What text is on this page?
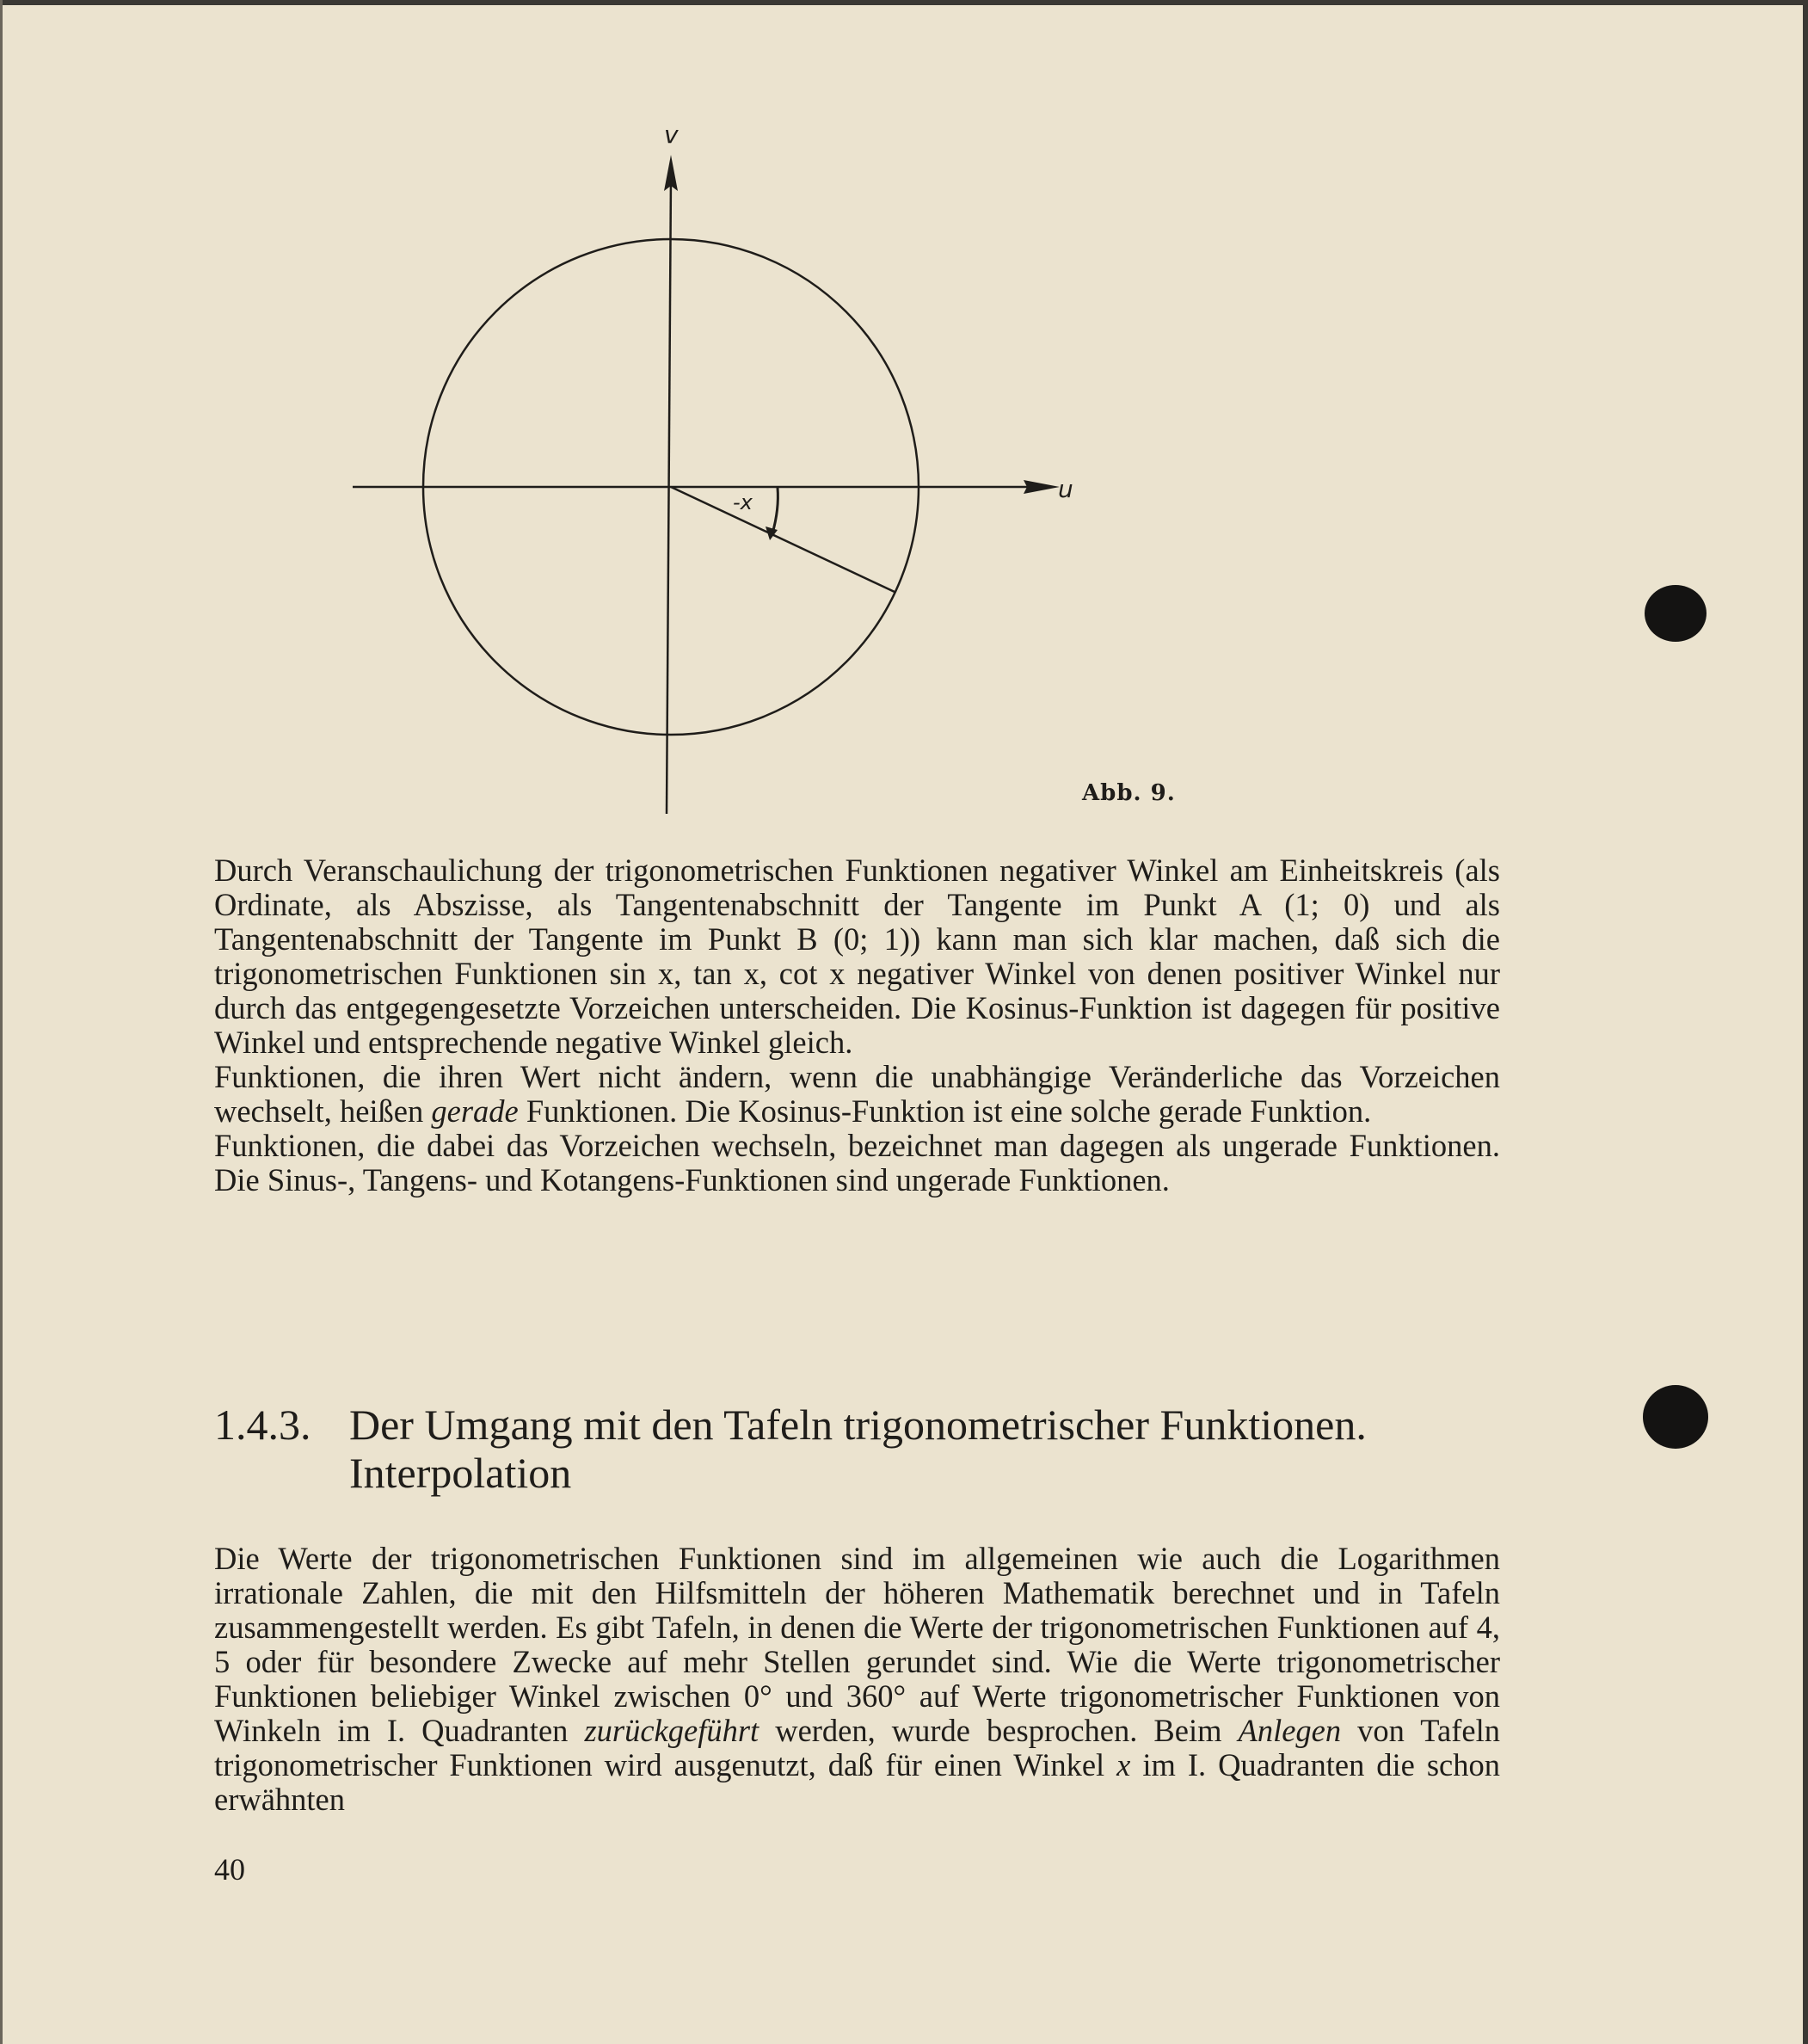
v
u
-x
Abb. 9.

Durch Veranschaulichung der trigonometrischen Funktionen negativer Winkel am Einheitskreis (als Ordinate, als Abszisse, als Tangentenabschnitt der Tangente im Punkt A (1; 0) und als Tangentenabschnitt der Tangente im Punkt B (0; 1)) kann man sich klar machen, daß sich die trigonometrischen Funktionen sin x, tan x, cot x negativer Winkel von denen positiver Winkel nur durch das entgegengesetzte Vorzeichen unterscheiden. Die Kosinus-Funktion ist dagegen für positive Winkel und entsprechende negative Winkel gleich.

Funktionen, die ihren Wert nicht ändern, wenn die unabhängige Veränderliche das Vorzeichen wechselt, heißen gerade Funktionen. Die Kosinus-Funktion ist eine solche gerade Funktion.

Funktionen, die dabei das Vorzeichen wechseln, bezeichnet man dagegen als ungerade Funktionen. Die Sinus-, Tangens- und Kotangens-Funktionen sind ungerade Funktionen.

1.4.3. Der Umgang mit den Tafeln trigonometrischer Funktionen. Interpolation

Die Werte der trigonometrischen Funktionen sind im allgemeinen wie auch die Logarithmen irrationale Zahlen, die mit den Hilfsmitteln der höheren Mathematik berechnet und in Tafeln zusammengestellt werden. Es gibt Tafeln, in denen die Werte der trigonometrischen Funktionen auf 4, 5 oder für besondere Zwecke auf mehr Stellen gerundet sind. Wie die Werte trigonometrischer Funktionen beliebiger Winkel zwischen 0° und 360° auf Werte trigonometrischer Funktionen von Winkeln im I. Quadranten zurückgeführt werden, wurde besprochen. Beim Anlegen von Tafeln trigonometrischer Funktionen wird ausgenutzt, daß für einen Winkel x im I. Quadranten die schon erwähnten

40
